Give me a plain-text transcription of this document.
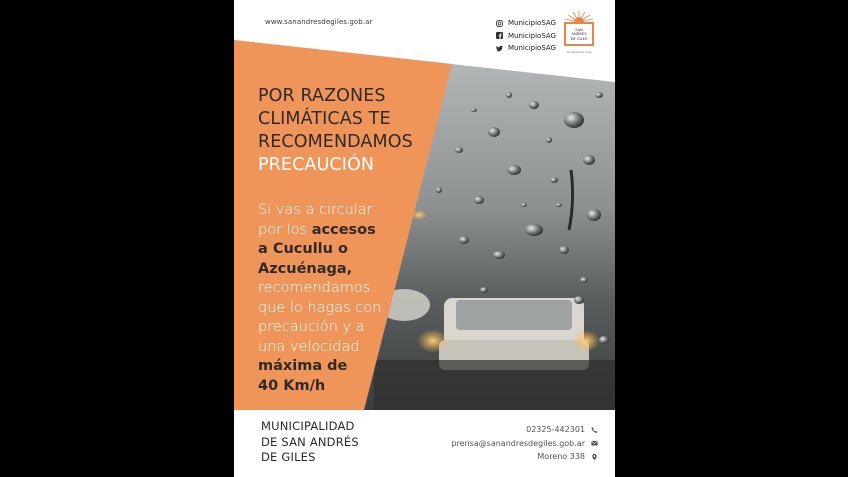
www.sanandresdegiles.gob.ar	MunicipioSAG
MunicipioSAG
MunicipioSAG
SAN
ANDRÉS
DE GILES
Ya gobernar vale
POR RAZONES
CLIMÁTICAS TE
RECOMENDAMOS
PRECAUCIÓN
Si vas a circular
por los accesos
a Cucullu o
Azcuénaga,
recomendamos
que lo hagas con
precaución y a
una velocidad
máxima de
40 Km/h
MUNICIPALIDAD
DE SAN ANDRÉS
DE GILES
02325-442301
prensa@sanandresdegiles.gob.ar
Moreno 338
